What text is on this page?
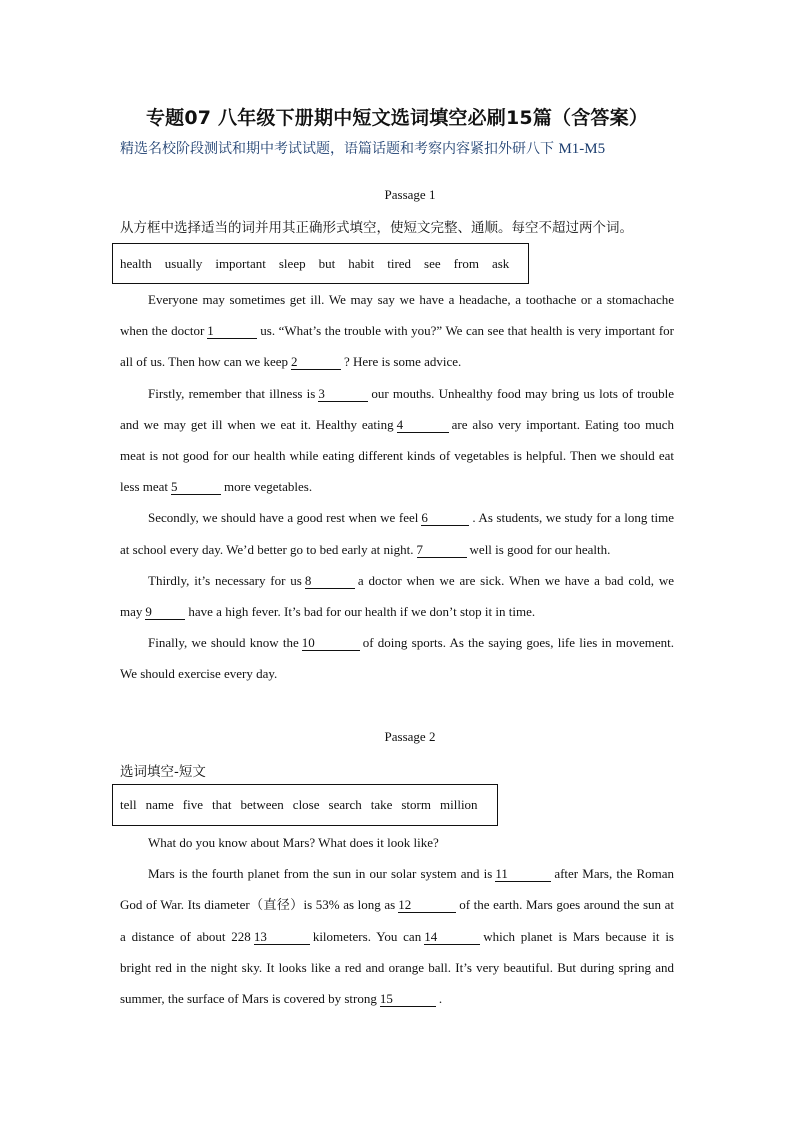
专题07 八年级下册期中短文选词填空必刷15篇（含答案）
精选名校阶段测试和期中考试试题，语篇话题和考察内容紧扣外研八下 M1-M5
Passage 1
从方框中选择适当的词并用其正确形式填空，使短文完整、通顺。每空不超过两个词。
health usually important sleep but habit tired see from ask

Everyone may sometimes get ill. We may say we have a headache, a toothache or a stomachache when the doctor 1	us. “What’s the trouble with you?” We can see that health is very important for all of us. Then how can we keep 2	? Here is some advice.

Firstly, remember that illness is 3	our mouths. Unhealthy food may bring us lots of trouble and we may get ill when we eat it. Healthy eating 4	are also very important. Eating too much meat is not good for our health while eating different kinds of vegetables is helpful. Then we should eat less meat 5	more vegetables.

Secondly, we should have a good rest when we feel 6	. As students, we study for a long time at school every day. We’d better go to bed early at night. 7	well is good for our health.

Thirdly, it’s necessary for us 8	a doctor when we are sick. When we have a bad cold, we may 9	have a high fever. It’s bad for our health if we don’t stop it in time.

Finally, we should know the 10	of doing sports. As the saying goes, life lies in movement. We should exercise every day.

Passage 2
选词填空-短文
tell name five that between close search take storm million

What do you know about Mars? What does it look like?

Mars is the fourth planet from the sun in our solar system and is 11	after Mars, the Roman God of War. Its diameter（直径）is 53% as long as 12	of the earth. Mars goes around the sun at a distance of about 228 13	kilometers. You can 14	which planet is Mars because it is bright red in the night sky. It looks like a red and orange ball. It’s very beautiful. But during spring and summer, the surface of Mars is covered by strong 15	.
